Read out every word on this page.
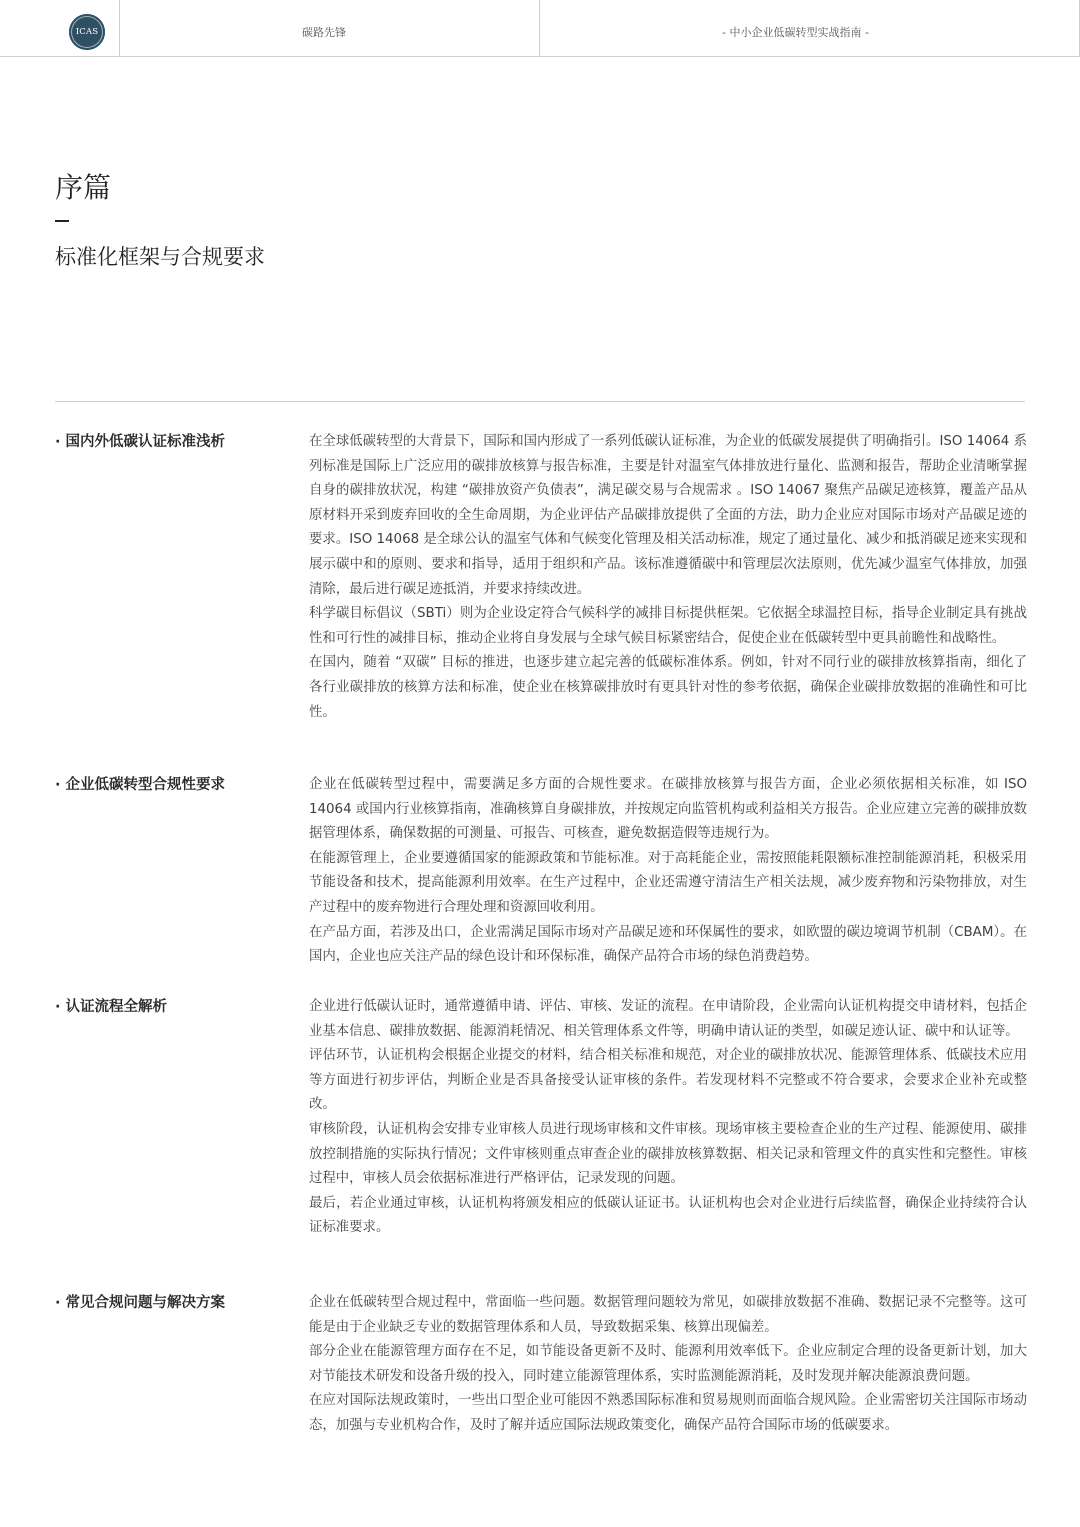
ICAS	碳路先锋	- 中小企业低碳转型实战指南 -
序篇
标准化框架与合规要求
· 国内外低碳认证标准浅析	在全球低碳转型的大背景下，国际和国内形成了一系列低碳认证标准，为企业的低碳发展提供了明确指引。ISO 14064 系列标准是国际上广泛应用的碳排放核算与报告标准，主要是针对温室气体排放进行量化、监测和报告，帮助企业清晰掌握自身的碳排放状况，构建 “碳排放资产负债表”，满足碳交易与合规需求 。ISO 14067 聚焦产品碳足迹核算，覆盖产品从原材料开采到废弃回收的全生命周期，为企业评估产品碳排放提供了全面的方法，助力企业应对国际市场对产品碳足迹的要求。ISO 14068 是全球公认的温室气体和气候变化管理及相关活动标准，规定了通过量化、减少和抵消碳足迹来实现和展示碳中和的原则、要求和指导，适用于组织和产品。该标准遵循碳中和管理层次法原则，优先减少温室气体排放，加强清除，最后进行碳足迹抵消，并要求持续改进。

科学碳目标倡议（SBTi）则为企业设定符合气候科学的减排目标提供框架。它依据全球温控目标，指导企业制定具有挑战性和可行性的减排目标，推动企业将自身发展与全球气候目标紧密结合，促使企业在低碳转型中更具前瞻性和战略性。

在国内，随着 “双碳” 目标的推进，也逐步建立起完善的低碳标准体系。例如，针对不同行业的碳排放核算指南，细化了各行业碳排放的核算方法和标准，使企业在核算碳排放时有更具针对性的参考依据，确保企业碳排放数据的准确性和可比性。

· 企业低碳转型合规性要求	企业在低碳转型过程中，需要满足多方面的合规性要求。在碳排放核算与报告方面，企业必须依据相关标准，如 ISO 14064 或国内行业核算指南，准确核算自身碳排放，并按规定向监管机构或利益相关方报告。企业应建立完善的碳排放数据管理体系，确保数据的可测量、可报告、可核查，避免数据造假等违规行为。

在能源管理上，企业要遵循国家的能源政策和节能标准。对于高耗能企业，需按照能耗限额标准控制能源消耗，积极采用节能设备和技术，提高能源利用效率。在生产过程中，企业还需遵守清洁生产相关法规，减少废弃物和污染物排放，对生产过程中的废弃物进行合理处理和资源回收利用。

在产品方面，若涉及出口，企业需满足国际市场对产品碳足迹和环保属性的要求，如欧盟的碳边境调节机制（CBAM）。在国内，企业也应关注产品的绿色设计和环保标准，确保产品符合市场的绿色消费趋势。

· 认证流程全解析	企业进行低碳认证时，通常遵循申请、评估、审核、发证的流程。在申请阶段，企业需向认证机构提交申请材料，包括企业基本信息、碳排放数据、能源消耗情况、相关管理体系文件等，明确申请认证的类型，如碳足迹认证、碳中和认证等。

评估环节，认证机构会根据企业提交的材料，结合相关标准和规范，对企业的碳排放状况、能源管理体系、低碳技术应用等方面进行初步评估，判断企业是否具备接受认证审核的条件。若发现材料不完整或不符合要求，会要求企业补充或整改。

审核阶段，认证机构会安排专业审核人员进行现场审核和文件审核。现场审核主要检查企业的生产过程、能源使用、碳排放控制措施的实际执行情况；文件审核则重点审查企业的碳排放核算数据、相关记录和管理文件的真实性和完整性。审核过程中，审核人员会依据标准进行严格评估，记录发现的问题。

最后，若企业通过审核，认证机构将颁发相应的低碳认证证书。认证机构也会对企业进行后续监督，确保企业持续符合认证标准要求。

· 常见合规问题与解决方案	企业在低碳转型合规过程中，常面临一些问题。数据管理问题较为常见，如碳排放数据不准确、数据记录不完整等。这可能是由于企业缺乏专业的数据管理体系和人员，导致数据采集、核算出现偏差。

部分企业在能源管理方面存在不足，如节能设备更新不及时、能源利用效率低下。企业应制定合理的设备更新计划，加大对节能技术研发和设备升级的投入，同时建立能源管理体系，实时监测能源消耗，及时发现并解决能源浪费问题。

在应对国际法规政策时，一些出口型企业可能因不熟悉国际标准和贸易规则而面临合规风险。企业需密切关注国际市场动态，加强与专业机构合作，及时了解并适应国际法规政策变化，确保产品符合国际市场的低碳要求。
